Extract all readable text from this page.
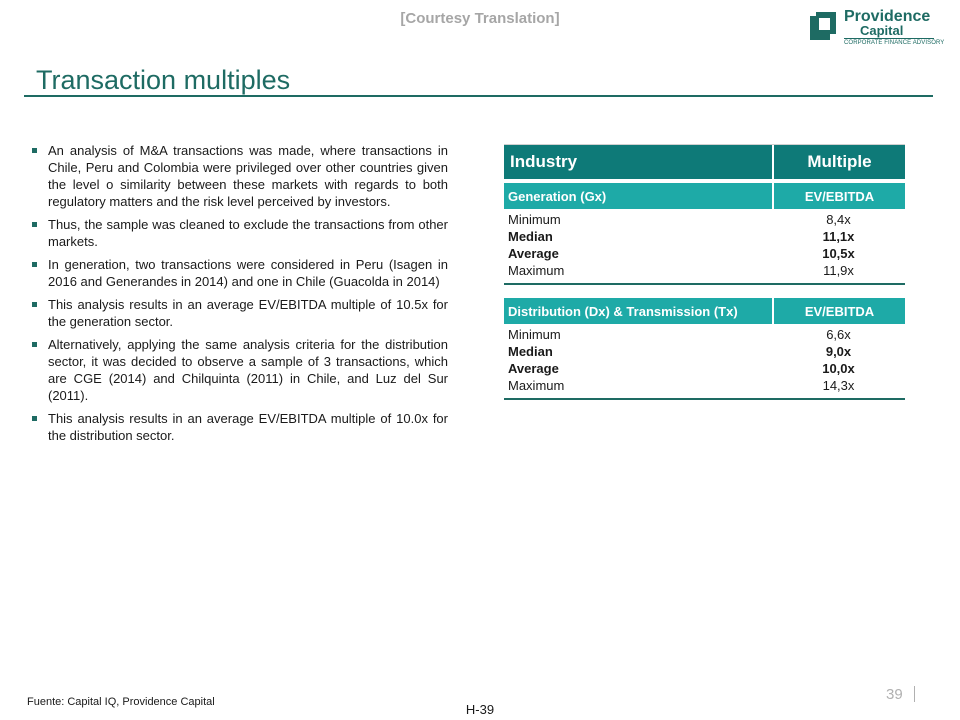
[Courtesy Translation]	Providence
Capital
CORPORATE FINANCE ADVISORY
Transaction multiples
An analysis of M&A transactions was made, where transactions in Chile, Peru and Colombia were privileged over other countries given the level o similarity between these markets with regards to both regulatory matters and the risk level perceived by investors.
Thus, the sample was cleaned to exclude the transactions from other markets.
In generation, two transactions were considered in Peru (Isagen in 2016 and Generandes in 2014) and one in Chile (Guacolda in 2014)
This analysis results in an average EV/EBITDA multiple of 10.5x for the generation sector.
Alternatively, applying the same analysis criteria for the distribution sector, it was decided to observe a sample of 3 transactions, which are CGE (2014) and Chilquinta (2011) in Chile, and Luz del Sur (2011).
This analysis results in an average EV/EBITDA multiple of 10.0x for the distribution sector.
Industry	Multiple
Generation (Gx)	EV/EBITDA
Minimum	8,4x
Median	11,1x
Average	10,5x
Maximum	11,9x
Distribution (Dx) & Transmission (Tx)	EV/EBITDA
Minimum	6,6x
Median	9,0x
Average	10,0x
Maximum	14,3x
Fuente: Capital IQ, Providence Capital	H-39
39
